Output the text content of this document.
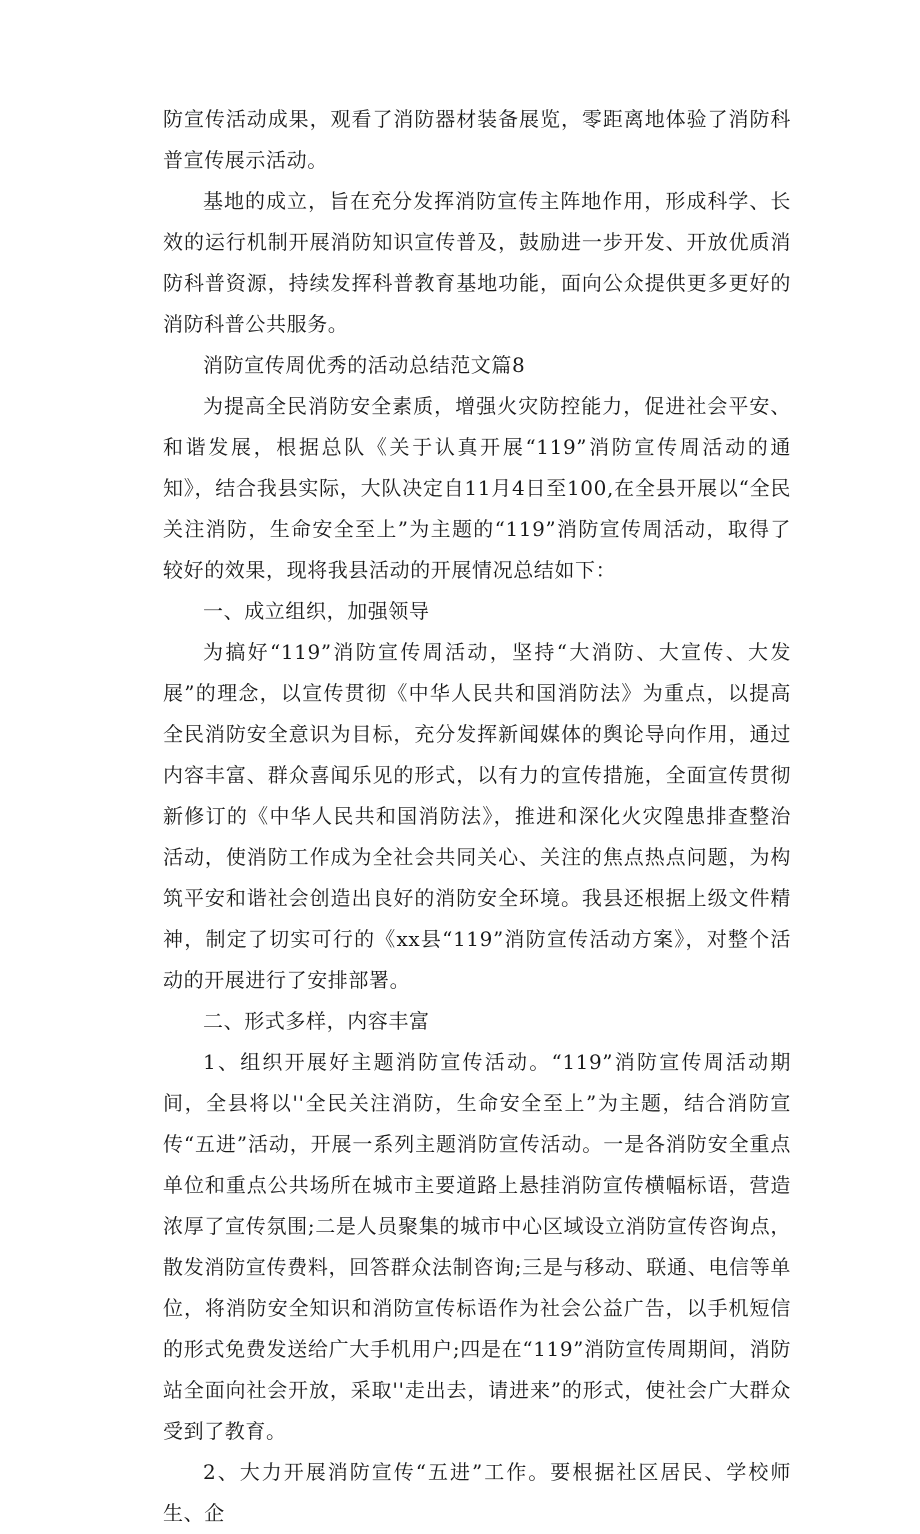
防宣传活动成果，观看了消防器材装备展览，零距离地体验了消防科普宣传展示活动。

基地的成立，旨在充分发挥消防宣传主阵地作用，形成科学、长效的运行机制开展消防知识宣传普及，鼓励进一步开发、开放优质消防科普资源，持续发挥科普教育基地功能，面向公众提供更多更好的消防科普公共服务。

消防宣传周优秀的活动总结范文篇8

为提高全民消防安全素质，增强火灾防控能力，促进社会平安、和谐发展，根据总队《关于认真开展“119”消防宣传周活动的通知》，结合我县实际，大队决定自11月4日至100,在全县开展以“全民关注消防，生命安全至上”为主题的“119”消防宣传周活动，取得了较好的效果，现将我县活动的开展情况总结如下：

一、成立组织，加强领导

为搞好“119”消防宣传周活动，坚持“大消防、大宣传、大发展”的理念，以宣传贯彻《中华人民共和国消防法》为重点，以提高全民消防安全意识为目标，充分发挥新闻媒体的舆论导向作用，通过内容丰富、群众喜闻乐见的形式，以有力的宣传措施，全面宣传贯彻新修订的《中华人民共和国消防法》，推进和深化火灾隍患排查整治活动，使消防工作成为全社会共同关心、关注的焦点热点问题，为构筑平安和谐社会创造出良好的消防安全环境。我县还根据上级文件精神，制定了切实可行的《xx县“119”消防宣传活动方案》，对整个活动的开展进行了安排部署。

二、形式多样，内容丰富

1、组织开展好主题消防宣传活动。“119”消防宣传周活动期间，全县将以''全民关注消防，生命安全至上”为主题，结合消防宣传“五进”活动，开展一系列主题消防宣传活动。一是各消防安全重点单位和重点公共场所在城市主要道路上悬挂消防宣传横幅标语，营造浓厚了宣传氛围;二是人员聚集的城市中心区域设立消防宣传咨询点，散发消防宣传费料，回答群众法制咨询;三是与移动、联通、电信等单位，将消防安全知识和消防宣传标语作为社会公益广告，以手机短信的形式免费发送给广大手机用户;四是在“119”消防宣传周期间，消防站全面向社会开放，采取''走出去，请进来”的形式，使社会广大群众受到了教育。

2、大力开展消防宣传“五进”工作。要根据社区居民、学校师生、企
